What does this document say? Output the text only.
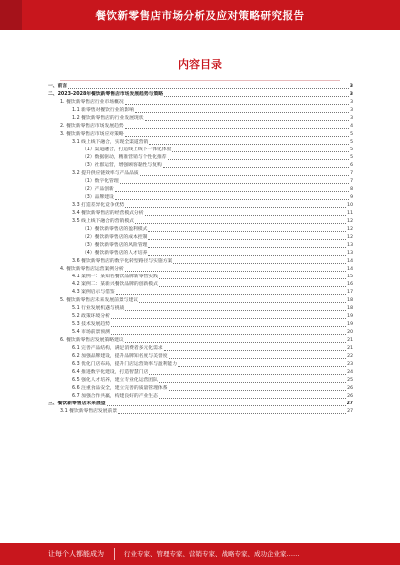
餐饮新零售店市场分析及应对策略研究报告
内容目录
一、前言	3
二、2023-2028年餐饮新零售店市场发展趋势与策略	3
1. 餐饮新零售店行业市场概况	3
1.1 新零售对餐饮行业的影响	3
1.2 餐饮新零售店的行业发展现状	3
2. 餐饮新零售店市场发展趋势	4
3. 餐饮新零售店市场应对策略	5
3.1 线上线下融合，实现全渠道营销	5
（1）渠道融合，打造线上线下一体化体验	5
（2）数据驱动，精准营销与个性化推荐	5
（3）社群运营，增强顾客黏性与复购	6
3.2 提升供应链效率与产品品质	7
（1）数字化管理	7
（2）产品创新	8
（3）品牌建设	9
3.3 打造差异化竞争优势	10
3.4 餐饮新零售店的经营模式分析	11
3.5 线上线下融合的营销模式	12
（1）餐饮新零售店的盈利模式	12
（2）餐饮新零售店的成本控制	12
（3）餐饮新零售店的风险管理	13
（4）餐饮新零售店的人才培养	13
3.6 餐饮新零售店的数字化转型路径与实施方案	14
4. 餐饮新零售店运营案例分析	14
4.1 案例一：某知名餐饮品牌新零售实践	15
4.2 案例二：某新兴餐饮品牌的创新模式	16
4.3 案例启示与借鉴	17
5. 餐饮新零售店未来发展前景与建议	18
5.1 行业发展机遇与挑战	18
5.2 政策环境分析	19
5.3 技术发展趋势	19
5.4 市场前景预测	20
6. 餐饮新零售店发展策略建议	21
6.1 完善产品结构，满足消费者多元化需求	21
6.2 加强品牌建设，提升品牌知名度与美誉度	22
6.3 优化门店布局，提升门店运营效率与盈利能力	23
6.4 推进数字化建设，打造智慧门店	24
6.5 强化人才培养，建立专业化运营团队	25
6.6 注重食品安全，建立完善的质量管理体系	26
6.7 加强合作共赢，构建良好的产业生态	26
三、餐饮新零售店未来展望	27
3.1 餐饮新零售店发展前景	27
让每个人都能成为	行业专家、管理专家、营销专家、战略专家、成功企业家……
